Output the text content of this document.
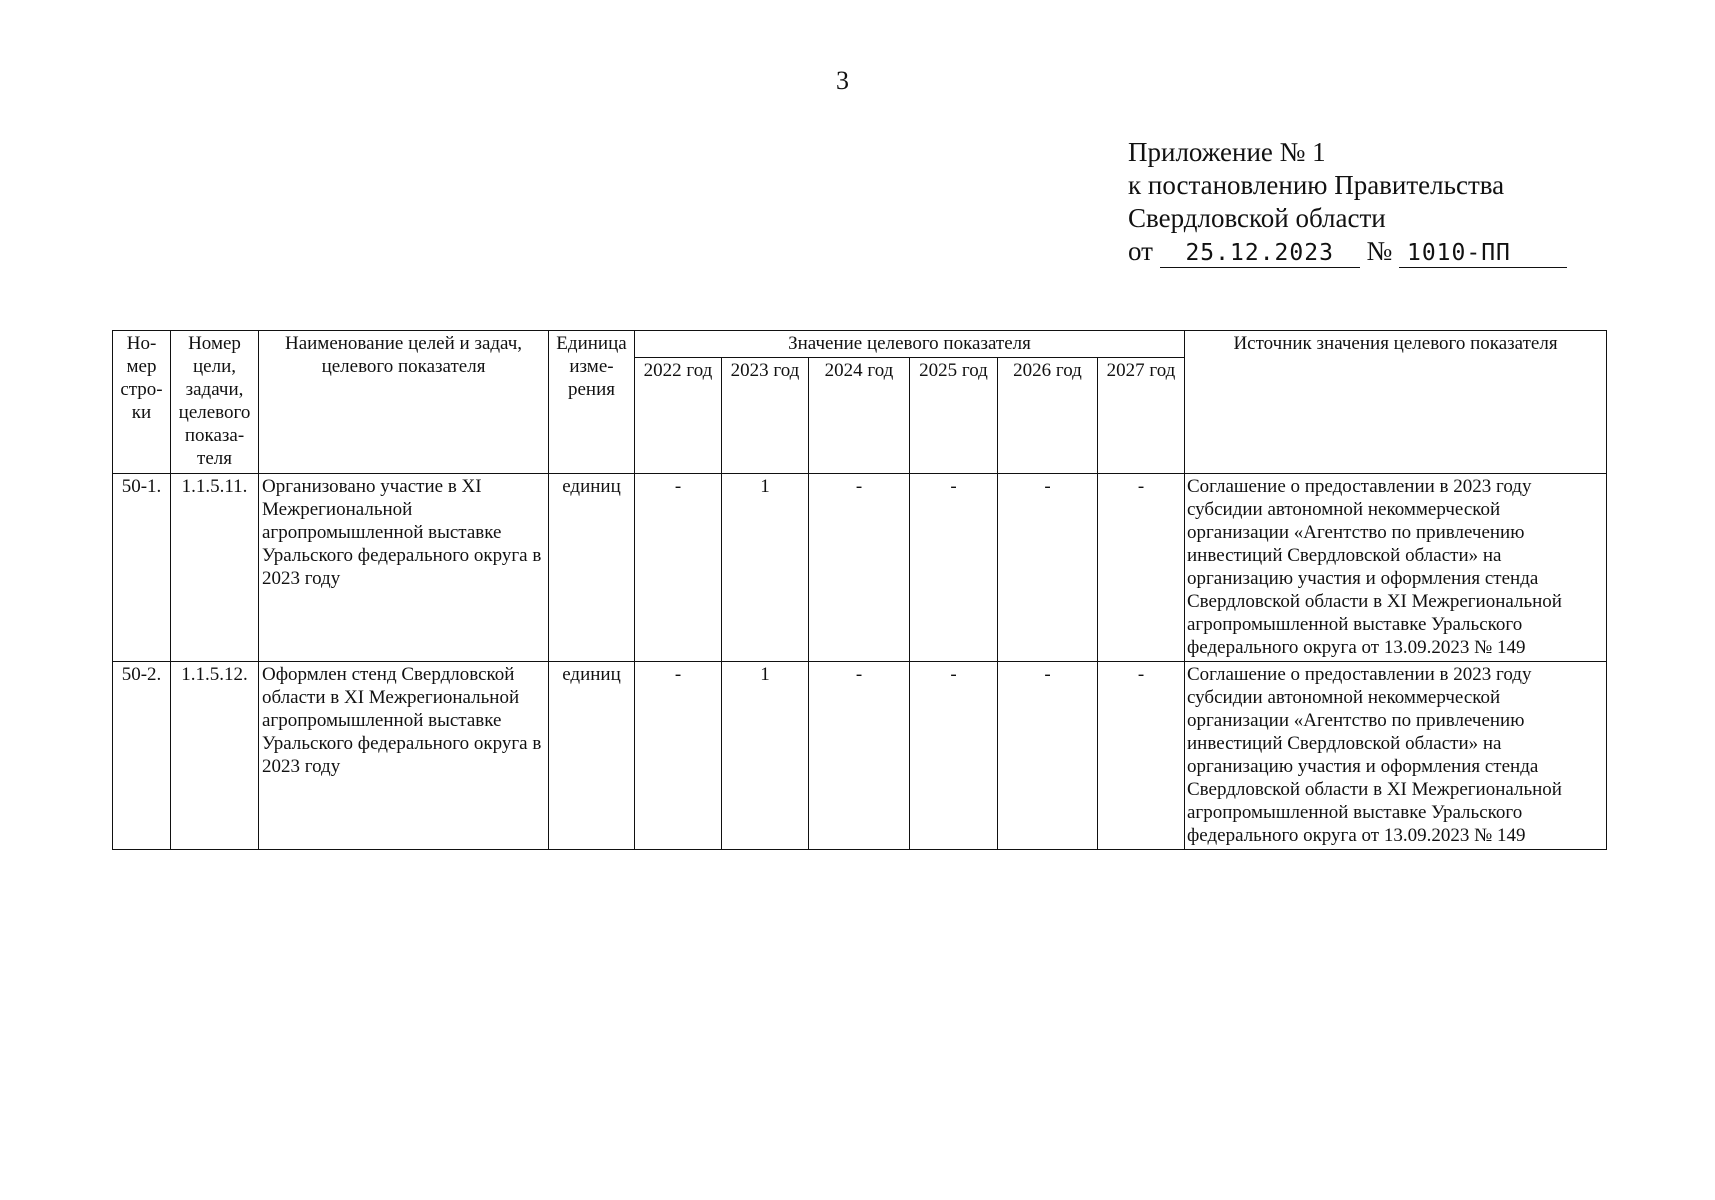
3
Приложение № 1
к постановлению Правительства
Свердловской области
от 25.12.2023 № 1010-ПП
Но-мер стро-ки	Номер цели, задачи, целевого показа-теля	Наименование целей и задач, целевого показателя	Единица изме-рения	Значение целевого показателя						Источник значения целевого показателя
				2022 год	2023 год	2024 год	2025 год	2026 год	2027 год	
50-1.	1.1.5.11.	Организовано участие в XI Межрегиональной агропромышленной выставке Уральского федерального округа в 2023 году	единиц	-	1	-	-	-	-	Соглашение о предоставлении в 2023 году субсидии автономной некоммерческой организации «Агентство по привлечению инвестиций Свердловской области» на организацию участия и оформления стенда Свердловской области в XI Межрегиональной агропромышленной выставке Уральского федерального округа от 13.09.2023 № 149
50-2.	1.1.5.12.	Оформлен стенд Свердловской области в XI Межрегиональной агропромышленной выставке Уральского федерального округа в 2023 году	единиц	-	1	-	-	-	-	Соглашение о предоставлении в 2023 году субсидии автономной некоммерческой организации «Агентство по привлечению инвестиций Свердловской области» на организацию участия и оформления стенда Свердловской области в XI Межрегиональной агропромышленной выставке Уральского федерального округа от 13.09.2023 № 149
